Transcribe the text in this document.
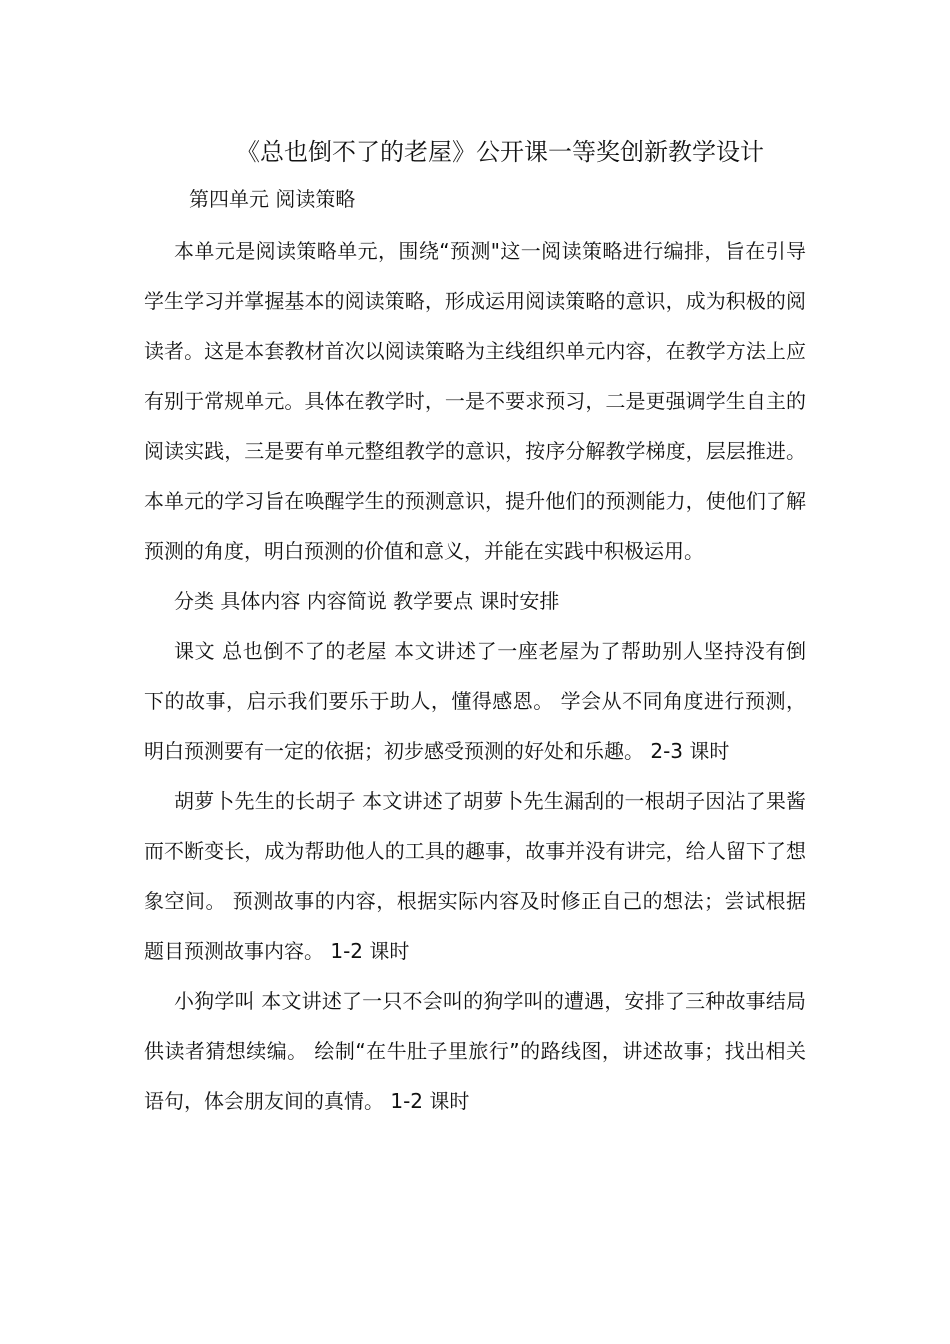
《总也倒不了的老屋》公开课一等奖创新教学设计
第四单元 阅读策略

本单元是阅读策略单元，围绕“预测"这一阅读策略进行编排，旨在引导学生学习并掌握基本的阅读策略，形成运用阅读策略的意识，成为积极的阅读者。这是本套教材首次以阅读策略为主线组织单元内容，在教学方法上应有别于常规单元。具体在教学时，一是不要求预习，二是更强调学生自主的阅读实践，三是要有单元整组教学的意识，按序分解教学梯度，层层推进。本单元的学习旨在唤醒学生的预测意识，提升他们的预测能力，使他们了解预测的角度，明白预测的价值和意义，并能在实践中积极运用。

分类 具体内容 内容简说 教学要点 课时安排

课文 总也倒不了的老屋 本文讲述了一座老屋为了帮助别人坚持没有倒下的故事，启示我们要乐于助人，懂得感恩。 学会从不同角度进行预测，明白预测要有一定的依据；初步感受预测的好处和乐趣。 2-3 课时

胡萝卜先生的长胡子 本文讲述了胡萝卜先生漏刮的一根胡子因沾了果酱而不断变长，成为帮助他人的工具的趣事，故事并没有讲完，给人留下了想象空间。 预测故事的内容，根据实际内容及时修正自己的想法；尝试根据题目预测故事内容。 1-2 课时

小狗学叫 本文讲述了一只不会叫的狗学叫的遭遇，安排了三种故事结局供读者猜想续编。 绘制“在牛肚子里旅行”的路线图，讲述故事；找出相关语句，体会朋友间的真情。 1-2 课时
